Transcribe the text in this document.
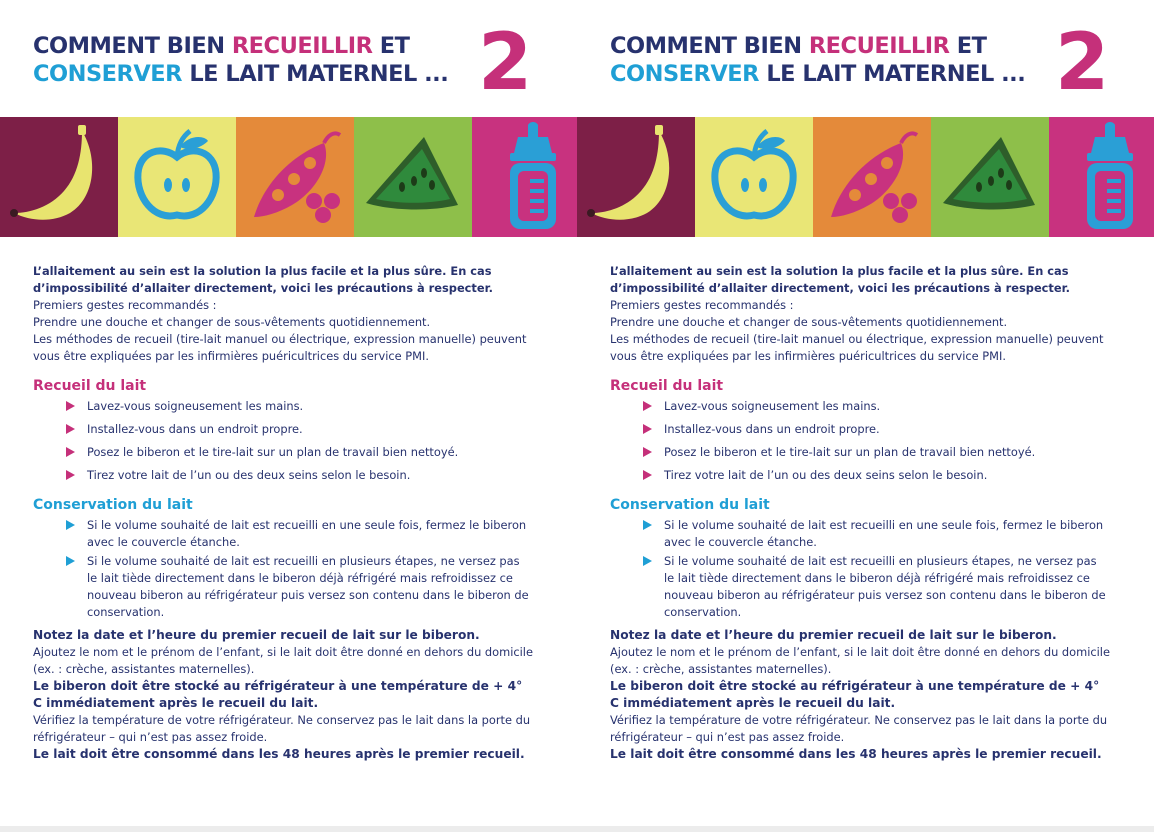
COMMENT BIEN RECUEILLIR ET
CONSERVER LE LAIT MATERNEL ... 2

L’allaitement au sein est la solution la plus facile et la plus sûre. En cas d’impossibilité d’allaiter directement, voici les précautions à respecter.

Premiers gestes recommandés :

Prendre une douche et changer de sous-vêtements quotidiennement.

Les méthodes de recueil (tire-lait manuel ou électrique, expression manuelle) peuvent vous être expliquées par les infirmières puéricultrices du service PMI.

Recueil du lait
Lavez-vous soigneusement les mains.
Installez-vous dans un endroit propre.
Posez le biberon et le tire-lait sur un plan de travail bien nettoyé.
Tirez votre lait de l’un ou des deux seins selon le besoin.
Conservation du lait
Si le volume souhaité de lait est recueilli en une seule fois, fermez le biberon avec le couvercle étanche.
Si le volume souhaité de lait est recueilli en plusieurs étapes, ne versez pas le lait tiède directement dans le biberon déjà réfrigéré mais refroidissez ce nouveau biberon au réfrigérateur puis versez son contenu dans le biberon de conservation.

Notez la date et l’heure du premier recueil de lait sur le biberon.

Ajoutez le nom et le prénom de l’enfant, si le lait doit être donné en dehors du domicile (ex. : crèche, assistantes maternelles).

Le biberon doit être stocké au réfrigérateur à une température de + 4° C immédiatement après le recueil du lait.

Vérifiez la température de votre réfrigérateur. Ne conservez pas le lait dans la porte du réfrigérateur – qui n’est pas assez froide.

Le lait doit être consommé dans les 48 heures après le premier recueil.

COMMENT BIEN RECUEILLIR ET
CONSERVER LE LAIT MATERNEL ... 2

L’allaitement au sein est la solution la plus facile et la plus sûre. En cas d’impossibilité d’allaiter directement, voici les précautions à respecter.

Premiers gestes recommandés :

Prendre une douche et changer de sous-vêtements quotidiennement.

Les méthodes de recueil (tire-lait manuel ou électrique, expression manuelle) peuvent vous être expliquées par les infirmières puéricultrices du service PMI.

Recueil du lait
Lavez-vous soigneusement les mains.
Installez-vous dans un endroit propre.
Posez le biberon et le tire-lait sur un plan de travail bien nettoyé.
Tirez votre lait de l’un ou des deux seins selon le besoin.
Conservation du lait
Si le volume souhaité de lait est recueilli en une seule fois, fermez le biberon avec le couvercle étanche.
Si le volume souhaité de lait est recueilli en plusieurs étapes, ne versez pas le lait tiède directement dans le biberon déjà réfrigéré mais refroidissez ce nouveau biberon au réfrigérateur puis versez son contenu dans le biberon de conservation.

Notez la date et l’heure du premier recueil de lait sur le biberon.

Ajoutez le nom et le prénom de l’enfant, si le lait doit être donné en dehors du domicile (ex. : crèche, assistantes maternelles).

Le biberon doit être stocké au réfrigérateur à une température de + 4° C immédiatement après le recueil du lait.

Vérifiez la température de votre réfrigérateur. Ne conservez pas le lait dans la porte du réfrigérateur – qui n’est pas assez froide.

Le lait doit être consommé dans les 48 heures après le premier recueil.
